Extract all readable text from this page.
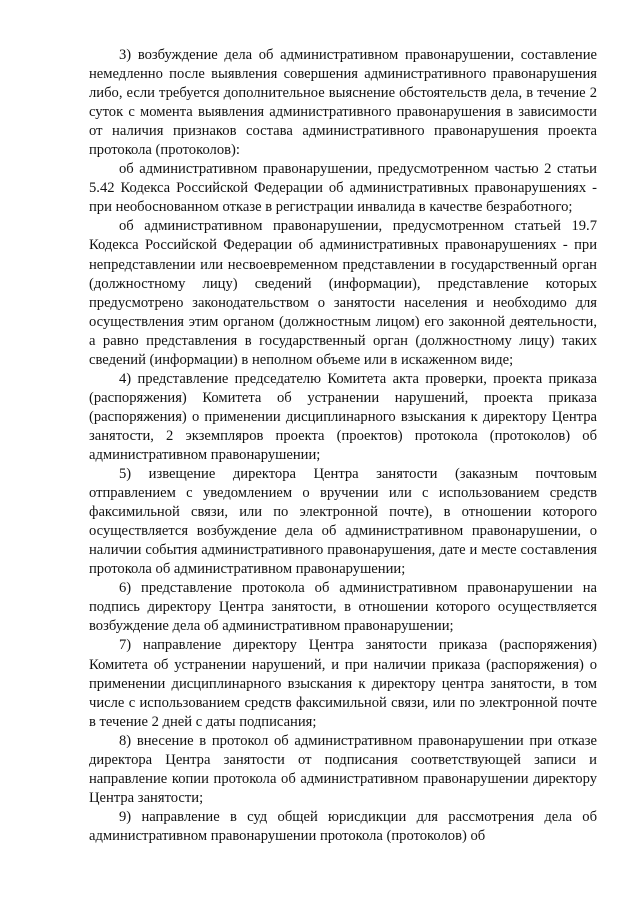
3) возбуждение дела об административном правонарушении, составление немедленно после выявления совершения административного правонарушения либо, если требуется дополнительное выяснение обстоятельств дела, в течение 2 суток с момента выявления административного правонарушения в зависимости от наличия признаков состава административного правонарушения проекта протокола (протоколов):

об административном правонарушении, предусмотренном частью 2 статьи 5.42 Кодекса Российской Федерации об административных правонарушениях - при необоснованном отказе в регистрации инвалида в качестве безработного;

об административном правонарушении, предусмотренном статьей 19.7 Кодекса Российской Федерации об административных правонарушениях - при непредставлении или несвоевременном представлении в государственный орган (должностному лицу) сведений (информации), представление которых предусмотрено законодательством о занятости населения и необходимо для осуществления этим органом (должностным лицом) его законной деятельности, а равно представления в государственный орган (должностному лицу) таких сведений (информации) в неполном объеме или в искаженном виде;

4) представление председателю Комитета акта проверки, проекта приказа (распоряжения) Комитета об устранении нарушений, проекта приказа (распоряжения) о применении дисциплинарного взыскания к директору Центра занятости, 2 экземпляров проекта (проектов) протокола (протоколов) об административном правонарушении;

5) извещение директора Центра занятости (заказным почтовым отправлением с уведомлением о вручении или с использованием средств факсимильной связи, или по электронной почте), в отношении которого осуществляется возбуждение дела об административном правонарушении, о наличии события административного правонарушения, дате и месте составления протокола об административном правонарушении;

6) представление протокола об административном правонарушении на подпись директору Центра занятости, в отношении которого осуществляется возбуждение дела об административном правонарушении;

7) направление директору Центра занятости приказа (распоряжения) Комитета об устранении нарушений, и при наличии приказа (распоряжения) о применении дисциплинарного взыскания к директору центра занятости, в том числе с использованием средств факсимильной связи, или по электронной почте в течение 2 дней с даты подписания;

8) внесение в протокол об административном правонарушении при отказе директора Центра занятости от подписания соответствующей записи и направление копии протокола об административном правонарушении директору Центра занятости;

9) направление в суд общей юрисдикции для рассмотрения дела об административном правонарушении протокола (протоколов) об
